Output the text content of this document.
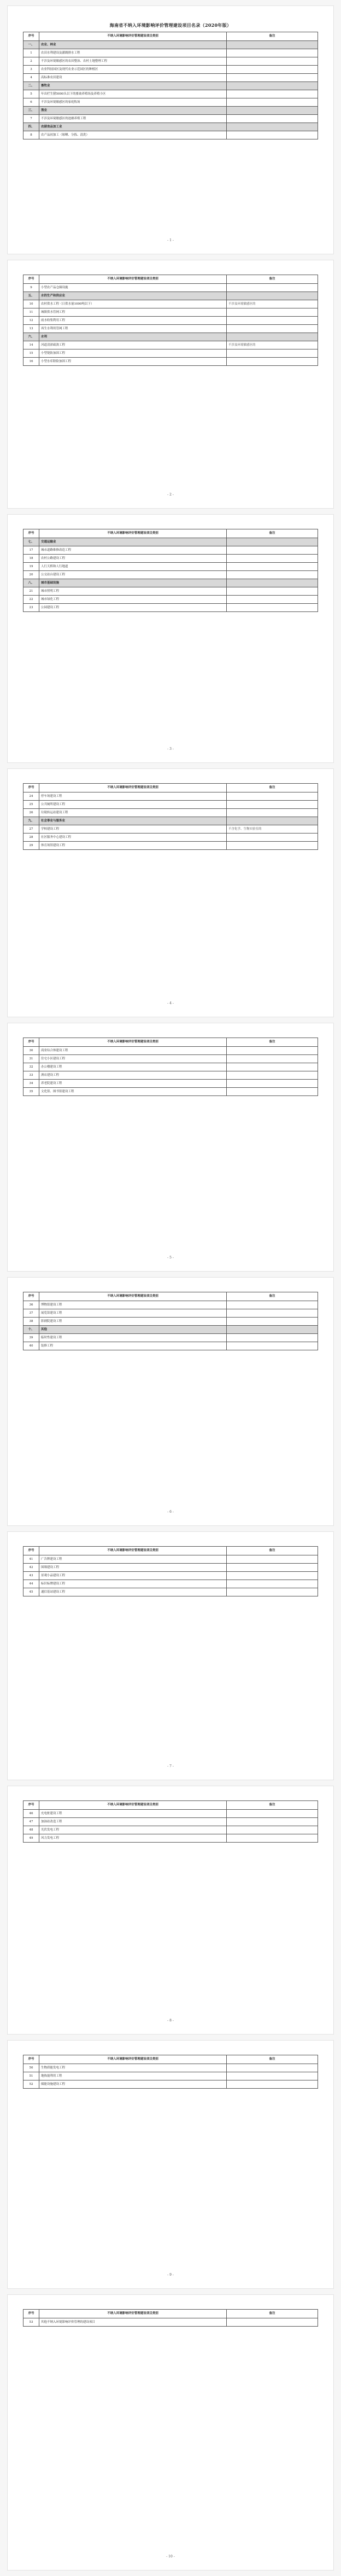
海南省不纳入环境影响评价管理建设项目名录（2020年版）
序号	不纳入环境影响评价管理建设项目类别	备注
一、	农业、林业	
1	农田水利建设及灌溉排水工程	
2	不涉及环境敏感区的农田整治、农村土地整理工程	
3	农业科技园区及现代农业示范园区的种植区	
4	高标准农田建设	
二、	畜牧业	
5	年出栏生猪5000头以下的畜禽养殖场及养殖小区	
6	不涉及环境敏感区的家庭牧场	
三、	渔业	
7	不涉及环境敏感区的池塘养殖工程	
四、	农副食品加工业	
8	农产品初加工（晾晒、分拣、清洗）	
- 1 -
序号	不纳入环境影响评价管理建设项目类别	备注
9	小型农产品仓储设施	
五、	水的生产和供应业	
10	农村供水工程（日供水量1000吨以下）	不涉及环境敏感区的
11	城镇供水管网工程	
12	雨水收集利用工程	
13	再生水利用管网工程	
六、	水利	
14	河道清淤疏浚工程	不涉及环境敏感区的
15	小型堤防加固工程	
16	小型水库除险加固工程	
- 2 -
序号	不纳入环境影响评价管理建设项目类别	备注
七、	交通运输业	
17	城市道路维修改造工程	
18	农村公路建设工程	
19	人行天桥和人行地道	
20	公交站台建设工程	
八、	城市基础设施	
21	城市照明工程	
22	城市绿化工程	
23	公园建设工程	
- 3 -
序号	不纳入环境影响评价管理建设项目类别	备注
24	停车场建设工程	
25	公共厕所建设工程	
26	垃圾转运站建设工程	
九、	社会事业与服务业	
27	学校建设工程	不含化学、生物实验室的
28	社区服务中心建设工程	
29	体育场馆建设工程	
- 4 -
序号	不纳入环境影响评价管理建设项目类别	备注
30	商业综合体建设工程	
31	住宅小区建设工程	
32	办公楼建设工程	
33	酒店建设工程	
34	养老院建设工程	
35	文化馆、图书馆建设工程	
- 5 -
序号	不纳入环境影响评价管理建设项目类别	备注
36	博物馆建设工程	
37	展览馆建设工程	
38	影剧院建设工程	
十、	其他	
39	临时性建设工程	
40	装修工程	
- 6 -
序号	不纳入环境影响评价管理建设项目类别	备注
41	广告牌建设工程	
42	围墙建设工程	
43	景观小品建设工程	
44	标识标牌建设工程	
45	通信基站建设工程	
- 7 -
序号	不纳入环境影响评价管理建设项目类别	备注
46	充电桩建设工程	
47	加油站改造工程	
48	光伏发电工程	
49	风力发电工程	
- 8 -
序号	不纳入环境影响评价管理建设项目类别	备注
50	生物质能发电工程	
51	地热能利用工程	
52	储能设施建设工程	
- 9 -
序号	不纳入环境影响评价管理建设项目类别	备注
53	其他不纳入环境影响评价管理的建设项目	
- 10 -
